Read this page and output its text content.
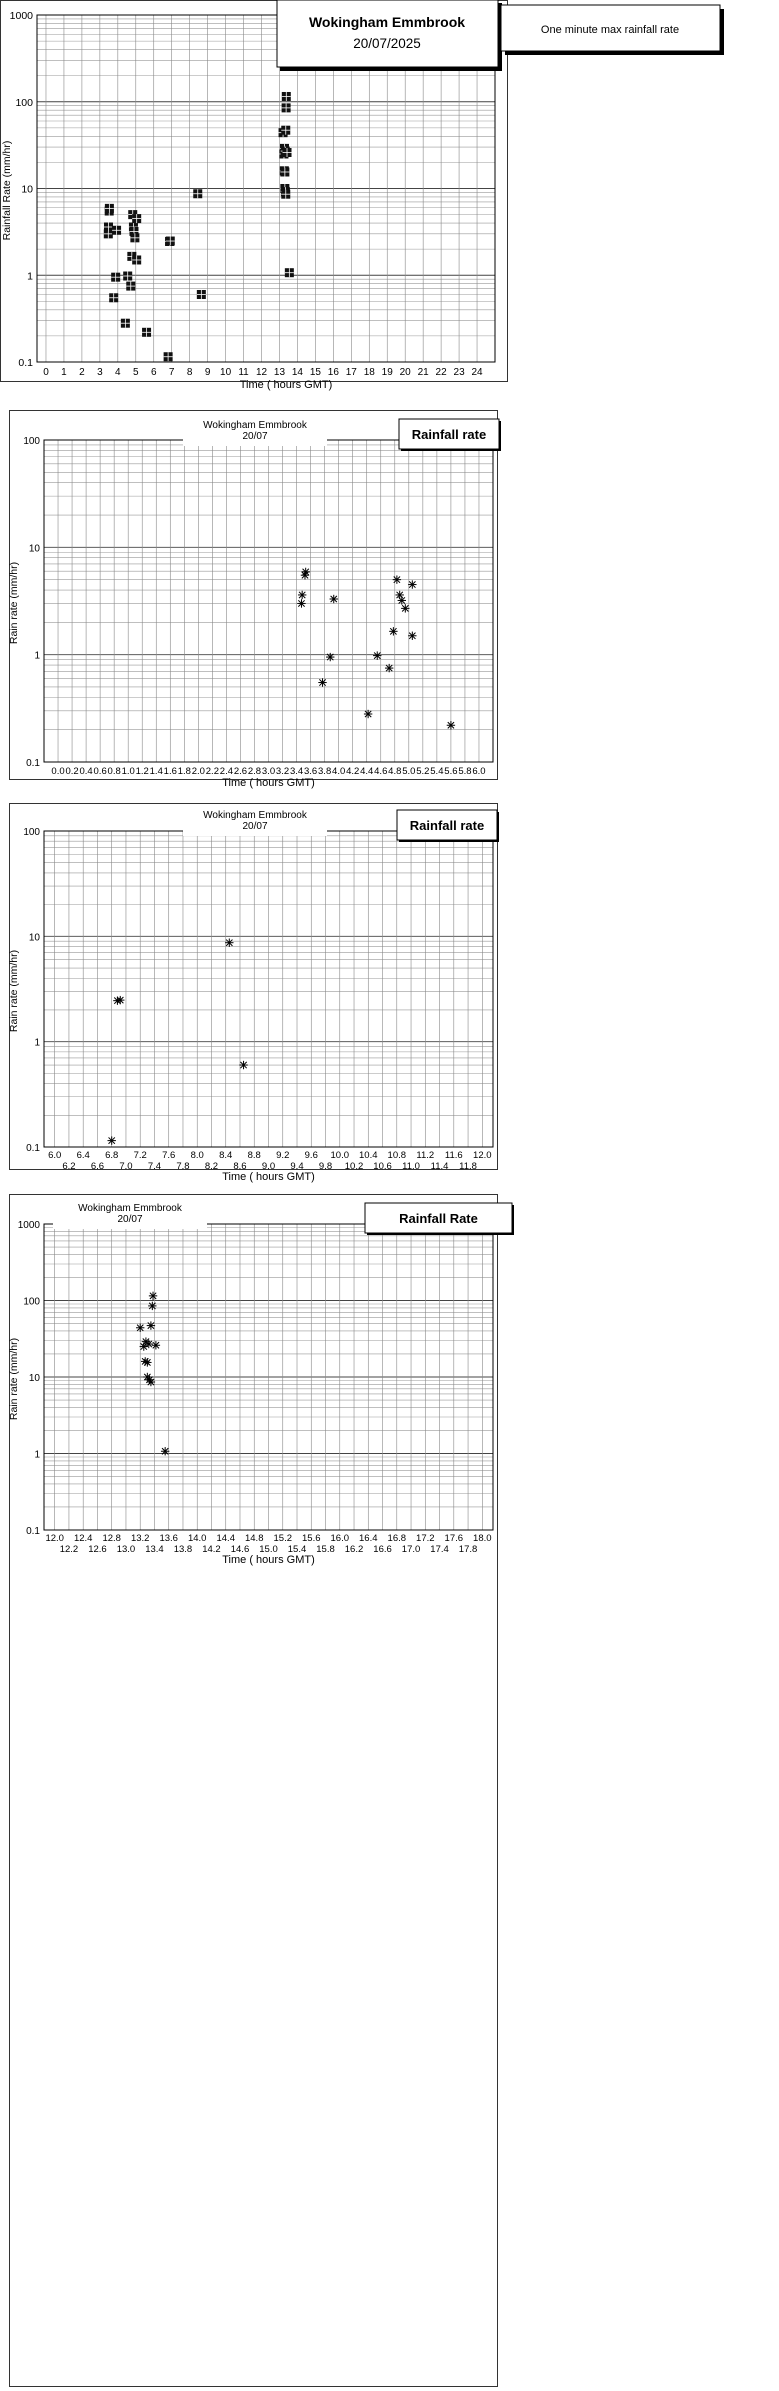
0 1 2 3 4 5 6 7 8 9 10 11 12 13 14 15 16 17 18 19 20 21 22 23 24
0.1
1
10
100
1000
Time ( hours GMT)
Rainfall Rate (mm/hr)
Wokingham Emmbrook
20/07/2025
One minute max rainfall rate
0.0 0.2 0.4 0.6 0.8 1.0 1.2 1.4 1.6 1.8 2.0 2.2 2.4 2.6 2.8 3.0 3.2 3.4 3.6 3.8 4.0 4.2 4.4 4.6 4.8 5.0 5.2 5.4 5.6 5.8 6.0
0.1
1
10
100
Time ( hours GMT)
Rain rate (mm/hr)
Wokingham Emmbrook
20/07	Rainfall rate
6.0
6.2
6.4
6.6
6.8
7.0
7.2
7.4
7.6
7.8
8.0
8.2
8.4
8.6
8.8
9.0
9.2
9.4
9.6
9.8
10.0
10.2
10.4
10.6
10.8
11.0
11.2
11.4
11.6
11.8
12.0
0.1
1
10
100
Time ( hours GMT)
Rain rate (mm/hr)
Wokingham Emmbrook
20/07	Rainfall rate
12.0
12.2
12.4
12.6
12.8
13.0
13.2
13.4
13.6
13.8
14.0
14.2
14.4
14.6
14.8
15.0
15.2
15.4
15.6
15.8
16.0
16.2
16.4
16.6
16.8
17.0
17.2
17.4
17.6
17.8
18.0
0.1
1
10
100
1000
Time ( hours GMT)
Rain rate (mm/hr)
Wokingham Emmbrook
20/07	Rainfall Rate
